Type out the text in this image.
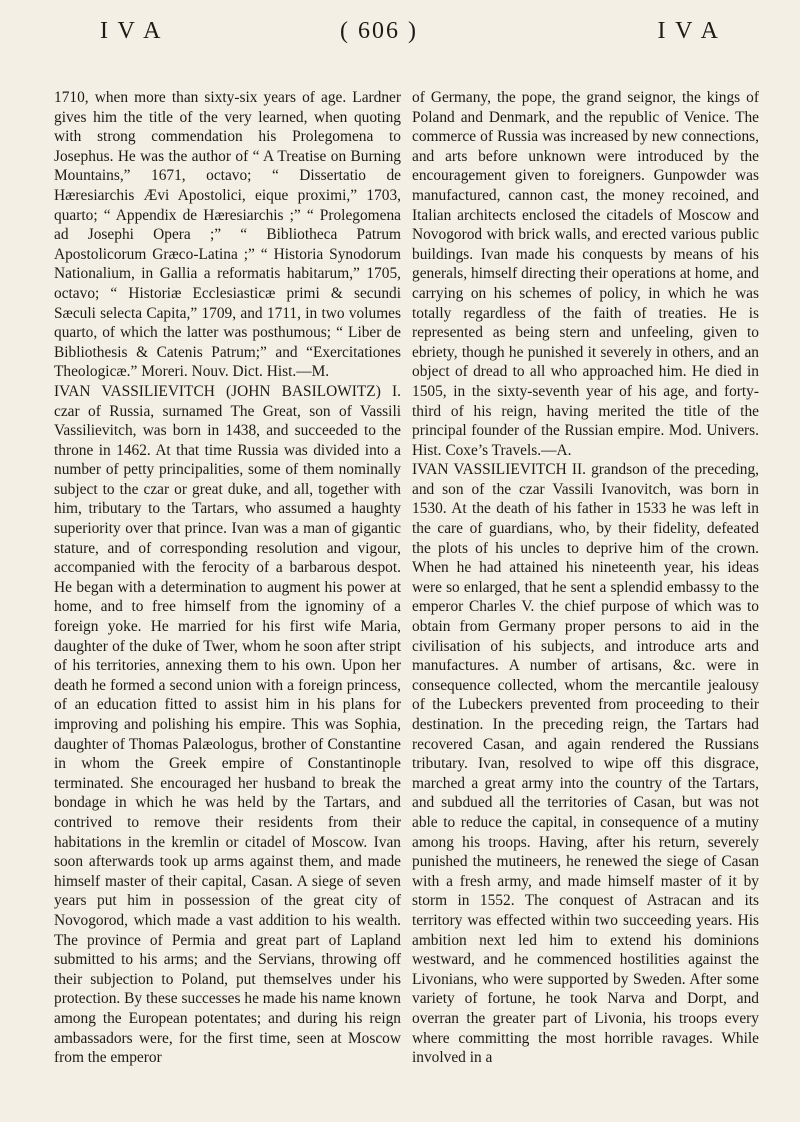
I V A	( 606 )	I V A

1710, when more than sixty-six years of age. Lardner gives him the title of the very learned, when quoting with strong commendation his Prolegomena to Josephus. He was the author of “ A Treatise on Burning Mountains,” 1671, octavo; “ Dissertatio de Hæresiarchis Ævi Apostolici, eique proximi,” 1703, quarto; “ Appendix de Hæresiarchis ;” “ Prolegomena ad Josephi Opera ;” “ Bibliotheca Patrum Apostolicorum Græco-Latina ;” “ Historia Synodorum Nationalium, in Gallia a reformatis habitarum,” 1705, octavo; “ Historiæ Ecclesiasticæ primi & secundi Sæculi selecta Capita,” 1709, and 1711, in two volumes quarto, of which the latter was posthumous; “ Liber de Bibliothesis & Catenis Patrum;” and “Exercitationes Theologicæ.” Moreri. Nouv. Dict. Hist.—M.

IVAN VASSILIEVITCH (JOHN BASILOWITZ) I. czar of Russia, surnamed The Great, son of Vassili Vassilievitch, was born in 1438, and succeeded to the throne in 1462. At that time Russia was divided into a number of petty principalities, some of them nominally subject to the czar or great duke, and all, together with him, tributary to the Tartars, who assumed a haughty superiority over that prince. Ivan was a man of gigantic stature, and of corresponding resolution and vigour, accompanied with the ferocity of a barbarous despot. He began with a determination to augment his power at home, and to free himself from the ignominy of a foreign yoke. He married for his first wife Maria, daughter of the duke of Twer, whom he soon after stript of his territories, annexing them to his own. Upon her death he formed a second union with a foreign princess, of an education fitted to assist him in his plans for improving and polishing his empire. This was Sophia, daughter of Thomas Palæologus, brother of Constantine in whom the Greek empire of Constantinople terminated. She encouraged her husband to break the bondage in which he was held by the Tartars, and contrived to remove their residents from their habitations in the kremlin or citadel of Moscow. Ivan soon afterwards took up arms against them, and made himself master of their capital, Casan. A siege of seven years put him in possession of the great city of Novogorod, which made a vast addition to his wealth. The province of Permia and great part of Lapland submitted to his arms; and the Servians, throwing off their subjection to Poland, put themselves under his protection. By these successes he made his name known among the European potentates; and during his reign ambassadors were, for the first time, seen at Moscow from the emperor

of Germany, the pope, the grand seignor, the kings of Poland and Denmark, and the republic of Venice. The commerce of Russia was increased by new connections, and arts before unknown were introduced by the encouragement given to foreigners. Gunpowder was manufactured, cannon cast, the money recoined, and Italian architects enclosed the citadels of Moscow and Novogorod with brick walls, and erected various public buildings. Ivan made his conquests by means of his generals, himself directing their operations at home, and carrying on his schemes of policy, in which he was totally regardless of the faith of treaties. He is represented as being stern and unfeeling, given to ebriety, though he punished it severely in others, and an object of dread to all who approached him. He died in 1505, in the sixty-seventh year of his age, and forty-third of his reign, having merited the title of the principal founder of the Russian empire. Mod. Univers. Hist. Coxe’s Travels.—A.

IVAN VASSILIEVITCH II. grandson of the preceding, and son of the czar Vassili Ivanovitch, was born in 1530. At the death of his father in 1533 he was left in the care of guardians, who, by their fidelity, defeated the plots of his uncles to deprive him of the crown. When he had attained his nineteenth year, his ideas were so enlarged, that he sent a splendid embassy to the emperor Charles V. the chief purpose of which was to obtain from Germany proper persons to aid in the civilisation of his subjects, and introduce arts and manufactures. A number of artisans, &c. were in consequence collected, whom the mercantile jealousy of the Lubeckers prevented from proceeding to their destination. In the preceding reign, the Tartars had recovered Casan, and again rendered the Russians tributary. Ivan, resolved to wipe off this disgrace, marched a great army into the country of the Tartars, and subdued all the territories of Casan, but was not able to reduce the capital, in consequence of a mutiny among his troops. Having, after his return, severely punished the mutineers, he renewed the siege of Casan with a fresh army, and made himself master of it by storm in 1552. The conquest of Astracan and its territory was effected within two succeeding years. His ambition next led him to extend his dominions westward, and he commenced hostilities against the Livonians, who were supported by Sweden. After some variety of fortune, he took Narva and Dorpt, and overran the greater part of Livonia, his troops every where committing the most horrible ravages. While involved in a
